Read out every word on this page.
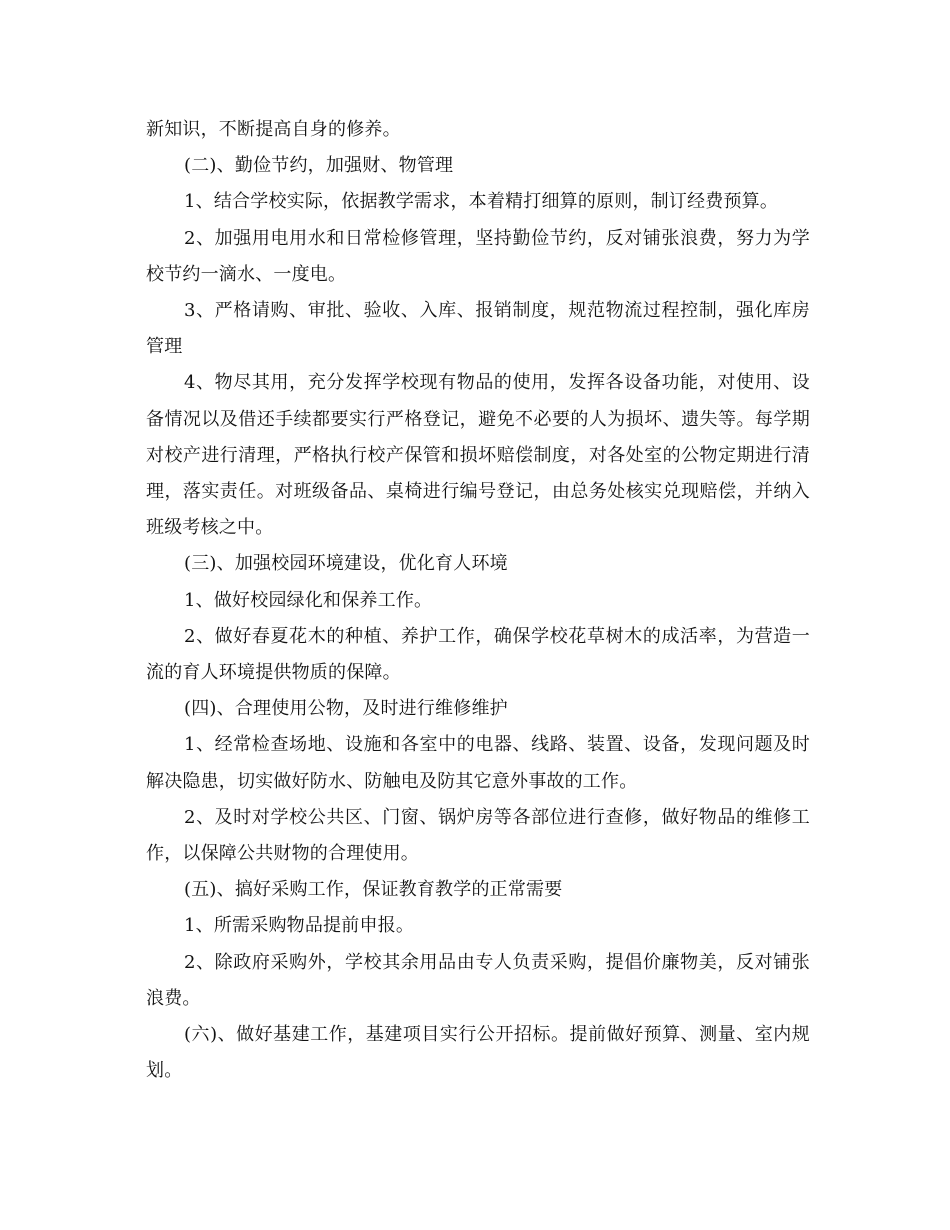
新知识，不断提高自身的修养。

(二)、勤俭节约，加强财、物管理

1、结合学校实际，依据教学需求，本着精打细算的原则，制订经费预算。

2、加强用电用水和日常检修管理，坚持勤俭节约，反对铺张浪费，努力为学校节约一滴水、一度电。

3、严格请购、审批、验收、入库、报销制度，规范物流过程控制，强化库房管理

4、物尽其用，充分发挥学校现有物品的使用，发挥各设备功能，对使用、设备情况以及借还手续都要实行严格登记，避免不必要的人为损坏、遗失等。每学期对校产进行清理，严格执行校产保管和损坏赔偿制度，对各处室的公物定期进行清理，落实责任。对班级备品、桌椅进行编号登记，由总务处核实兑现赔偿，并纳入班级考核之中。

(三)、加强校园环境建设，优化育人环境

1、做好校园绿化和保养工作。

2、做好春夏花木的种植、养护工作，确保学校花草树木的成活率，为营造一流的育人环境提供物质的保障。

(四)、合理使用公物，及时进行维修维护

1、经常检查场地、设施和各室中的电器、线路、装置、设备，发现问题及时解决隐患，切实做好防水、防触电及防其它意外事故的工作。

2、及时对学校公共区、门窗、锅炉房等各部位进行查修，做好物品的维修工作，以保障公共财物的合理使用。

(五)、搞好采购工作，保证教育教学的正常需要

1、所需采购物品提前申报。

2、除政府采购外，学校其余用品由专人负责采购，提倡价廉物美，反对铺张浪费。

(六)、做好基建工作，基建项目实行公开招标。提前做好预算、测量、室内规划。
